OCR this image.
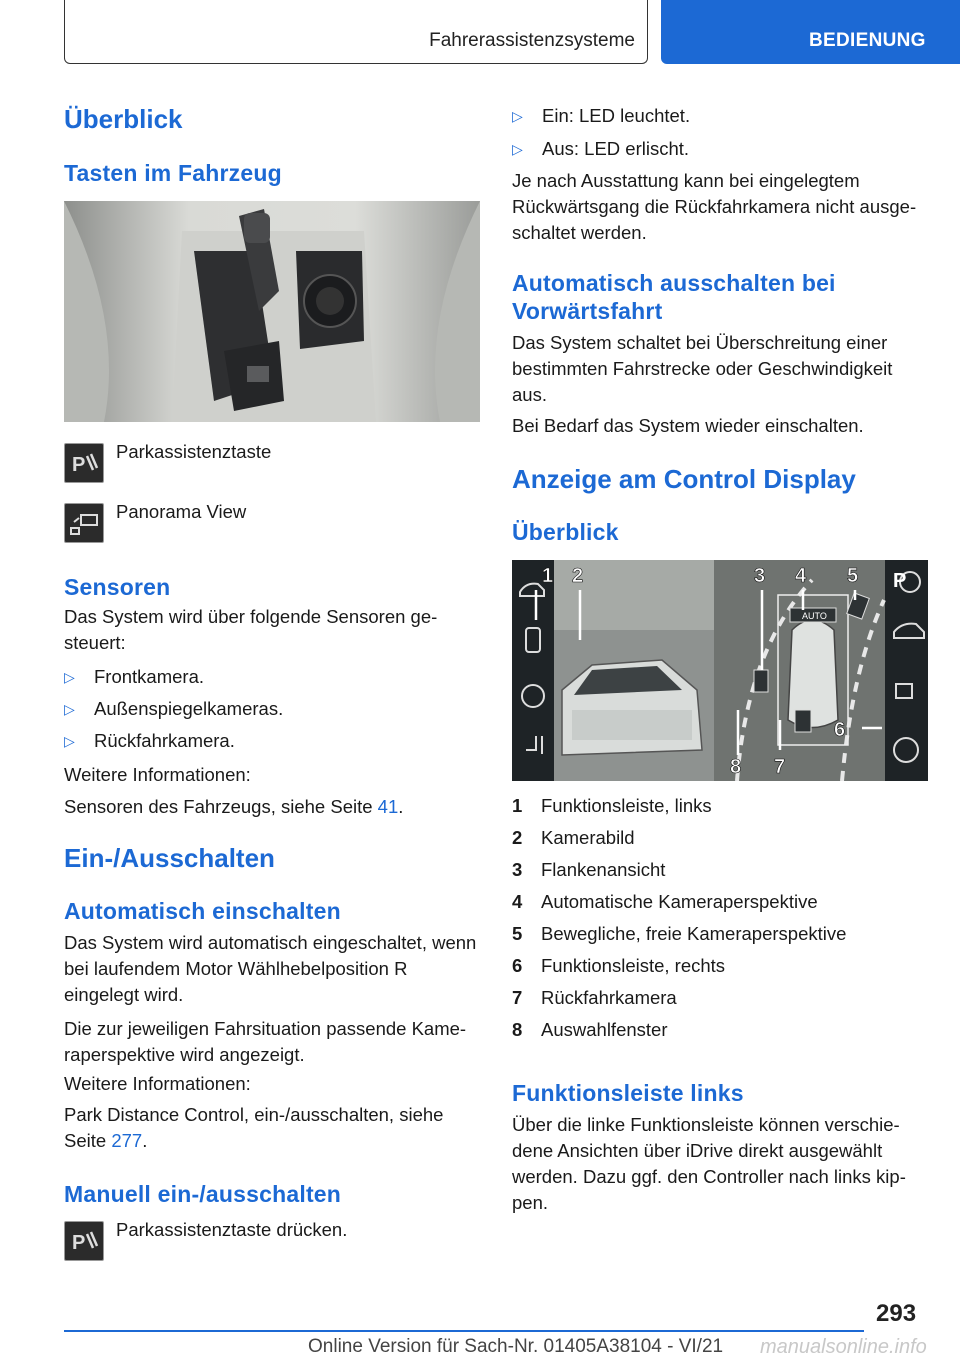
Fahrerassistenzsysteme	BEDIENUNG
Überblick
Tasten im Fahrzeug
P
Parkassistenztaste
Panorama View
Sensoren

Das System wird über folgende Sensoren gesteuert:

▷ Frontkamera.
▷ Außenspiegelkameras.
▷ Rückfahrkamera.

Weitere Informationen:

Sensoren des Fahrzeugs, siehe Seite 41.

Ein-/Ausschalten
Automatisch einschalten

Das System wird automatisch eingeschaltet, wenn bei laufendem Motor Wählhebelposition R eingelegt wird.

Die zur jeweiligen Fahrsituation passende Kameraperspektive wird angezeigt.

Weitere Informationen:

Park Distance Control, ein-/ausschalten, siehe Seite 277.

Manuell ein-/ausschalten
P
Parkassistenztaste drücken.
▷ Ein: LED leuchtet.
▷ Aus: LED erlischt.

Je nach Ausstattung kann bei eingelegtem Rückwärtsgang die Rückfahrkamera nicht ausgeschaltet werden.

Automatisch ausschalten bei Vorwärtsfahrt

Das System schaltet bei Überschreitung einer bestimmten Fahrstrecke oder Geschwindigkeit aus.

Bei Bedarf das System wieder einschalten.

Anzeige am Control Display
Überblick
AUTO
P
1 2	3 4 5
6
7
8
1 Funktionsleiste, links
2 Kamerabild
3 Flankenansicht
4 Automatische Kameraperspektive
5 Bewegliche, freie Kameraperspektive
6 Funktionsleiste, rechts
7 Rückfahrkamera
8 Auswahlfenster
Funktionsleiste links

Über die linke Funktionsleiste können verschiedene Ansichten über iDrive direkt ausgewählt werden. Dazu ggf. den Controller nach links kippen.

293
Online Version für Sach-Nr. 01405A38104 - VI/21 manualsonline.info
